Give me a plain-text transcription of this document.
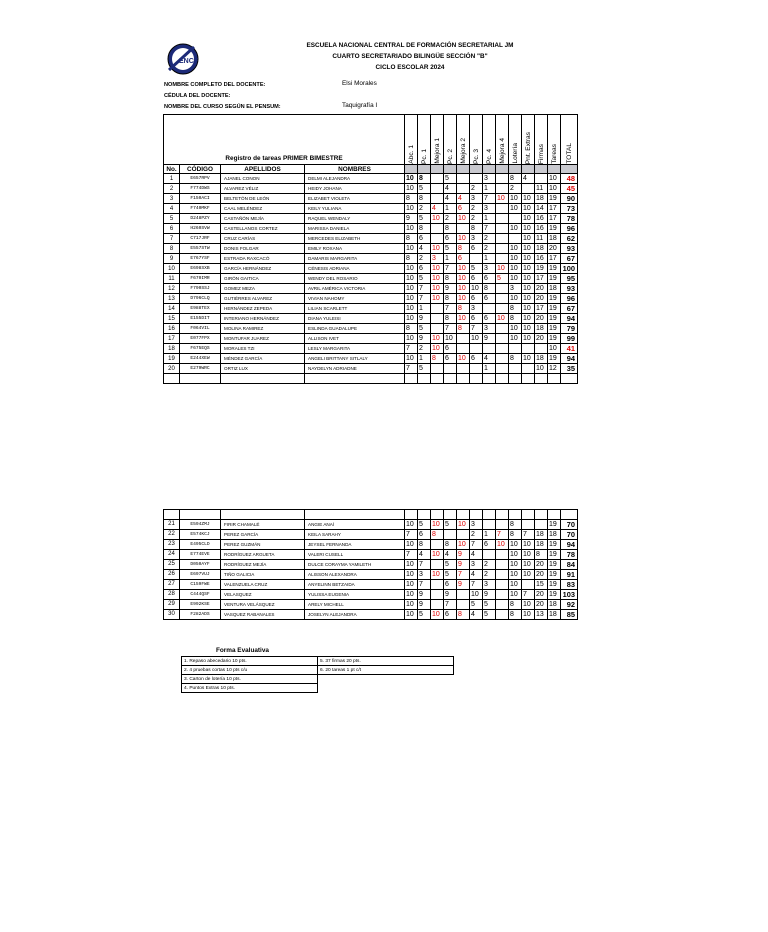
ENCF
ESCUELA NACIONAL CENTRAL DE FORMACIÓN SECRETARIAL JM
CUARTO SECRETARIADO BILINGÜE SECCIÓN "B"
CICLO ESCOLAR 2024
NOMBRE COMPLETO DEL DOCENTE:	Elsi Morales
CÉDULA DEL DOCENTE:
NOMBRE DEL CURSO SEGÚN EL PENSUM:	Taquigrafía I
Registro de tareas PRIMER BIMESTRE				Abc. 1	Pc. 1	Mejora 1	Pc. 2	Mejora 2	Pc. 3	Pc. 4	Mejora 4	Lotería	Pnt. Extras	Firmas	Tareas	TOTAL

No.	CÓDIGO	APELLIDOS	NOMBRES													
1	E657RPV	AJANEL CONON	DELMI ALEJANDRA	10	8		5			3		8	4		10	48
2	F774DWS	ALVAREZ VÉLIZ	HEIDY JOHANA	10	5		4		2	1		2		11	10	45
3	F150ACI	BELTETÓN DE LEÓN	ELIZABET VIOLETA	8	8		4	4	3	7	10	10	10	18	19	90
4	F740MKF	CAAL MELÉNDEZ	KEILY YULIANA	10	2	4	1	6	2	3		10	10	14	17	73
5	D248PZY	CASTAÑÓN MEJÍA	RAQUEL WENDALY	9	5	10	2	10	2	1			10	16	17	78
6	H260SVW	CASTELLANOS CORTEZ	MARISSA DANIELA	10	8		8		8	7		10	10	16	19	96
7	C717JRF	CRUZ CARÍAS	MERCEDES ELIZABETH	8	6		6	10	3	2			10	11	18	62
8	E557STW	DONIS FOLGAR	EMILY ROXANA	10	4	10	5	8	6	2		10	10	18	20	93
9	E767YSF	ESTRADA RAXCACÓ	DAMARIS MARGARITA	8	2	3	1	6		1		10	10	16	17	67
10	E698SXB	GARCÍA HERNÁNDEZ	CÉNESIS ADRIANA	10	6	10	7	10	5	3	10	10	10	19	19	100
11	F670IMR	GIRÓN GAITICA	WENDY DEL ROSARIO	10	5	10	8	10	6	6	5	10	10	17	19	95
12	F790SSJ	GOMEZ MEZA	AVRIL AMÉRICA VICTORIA	10	7	10	9	10	10	8		3	10	20	18	93
13	D796CLQ	GUTIÉRRES ALVAREZ	VIVIAN NAHOMY	10	7	10	8	10	6	6		10	10	20	19	96
14	E988TEX	HERNÁNDEZ ZEPEDA	LILIAN SCARLETT	10	1		7	8	3			8	10	17	19	67
15	E155DIT	INTERIANO HERNÁNDEZ	DIANA YULEISI	10	9		8	10	6	6	10	8	10	20	19	94
16	F064VIL	MOLINA RAMIREZ	ESLINDA GUADALUPE	8	5		7	8	7	3		10	10	18	19	79
17	E077FPX	MONTUFAR JUAREZ	ALLISON IVET	10	9	10	10		10	9		10	10	20	19	99
18	F675EQS	MORALES TZI	LESLY MARGARITA	7	2	10	6								10	41
19	E244XEW	MÉNDEZ GARCÍA	ANGELI BRITTANY SITLALY	10	1	8	6	10	6	4		8	10	18	19	94
20	E279WRC	ORTIZ LUX	NAYDELYN ADRIADNE	7	5					1				10	12	35

21	E594ZMJ	FIRIR CHAMALÉ	ANGIE ANAÍ	10	5	10	5	10	3			8			19	70
22	E574KCJ	PEREZ GARCÍA	KEILA SARAHY	7	6	8			2	1	7	8	7	18	18	70
23	E495CLD	PEREZ GUZMÁN	JEYSEL FERNANDA	10	8		8	10	7	6	10	10	10	18	19	94
24	E774EVE	RODRÍGUEZ ARGUETA	VALERI CUSELL	7	4	10	4	9	4			10	10	8	19	78
25	D050AYF	RODRÍGUEZ MEJÍA	DULCE CORAYMA YAMILETH	10	7		5	9	3	2		10	10	20	19	84
26	E697VUJ	TIÑO GALICIA	ALISSON ALEXANDRA	10	3	10	5	7	4	2		10	10	20	19	91
27	C159FWE	VALENZUELA CRUZ	ANYELINN BETZAIDA	10	7		6	9	7	3		10		15	19	83
28	C444QSF	VELASQUEZ	YULISSA EUGENIA	10	9		9		10	9		10	7	20	19	103
29	E992KSE	VENTURA VELÁSQUEZ	ARELY MICHELL	10	9		7		5	5		8	10	20	18	92
30	F282ADS	VASQUEZ RABANALES	JOSELYN ALEJANDRA	10	5	10	6	8	4	5		8	10	13	18	85
Forma Evaluativa
1. Repaso abecedario 10 pts.	5. 37 firmas 20 pts.
2. 4 pruebas cortas 10 pts c/u	6. 20 tareas 1 pt c/t
3. Carton de lotería 10 pts.	
4. Puntos Extras 10 pts.	
